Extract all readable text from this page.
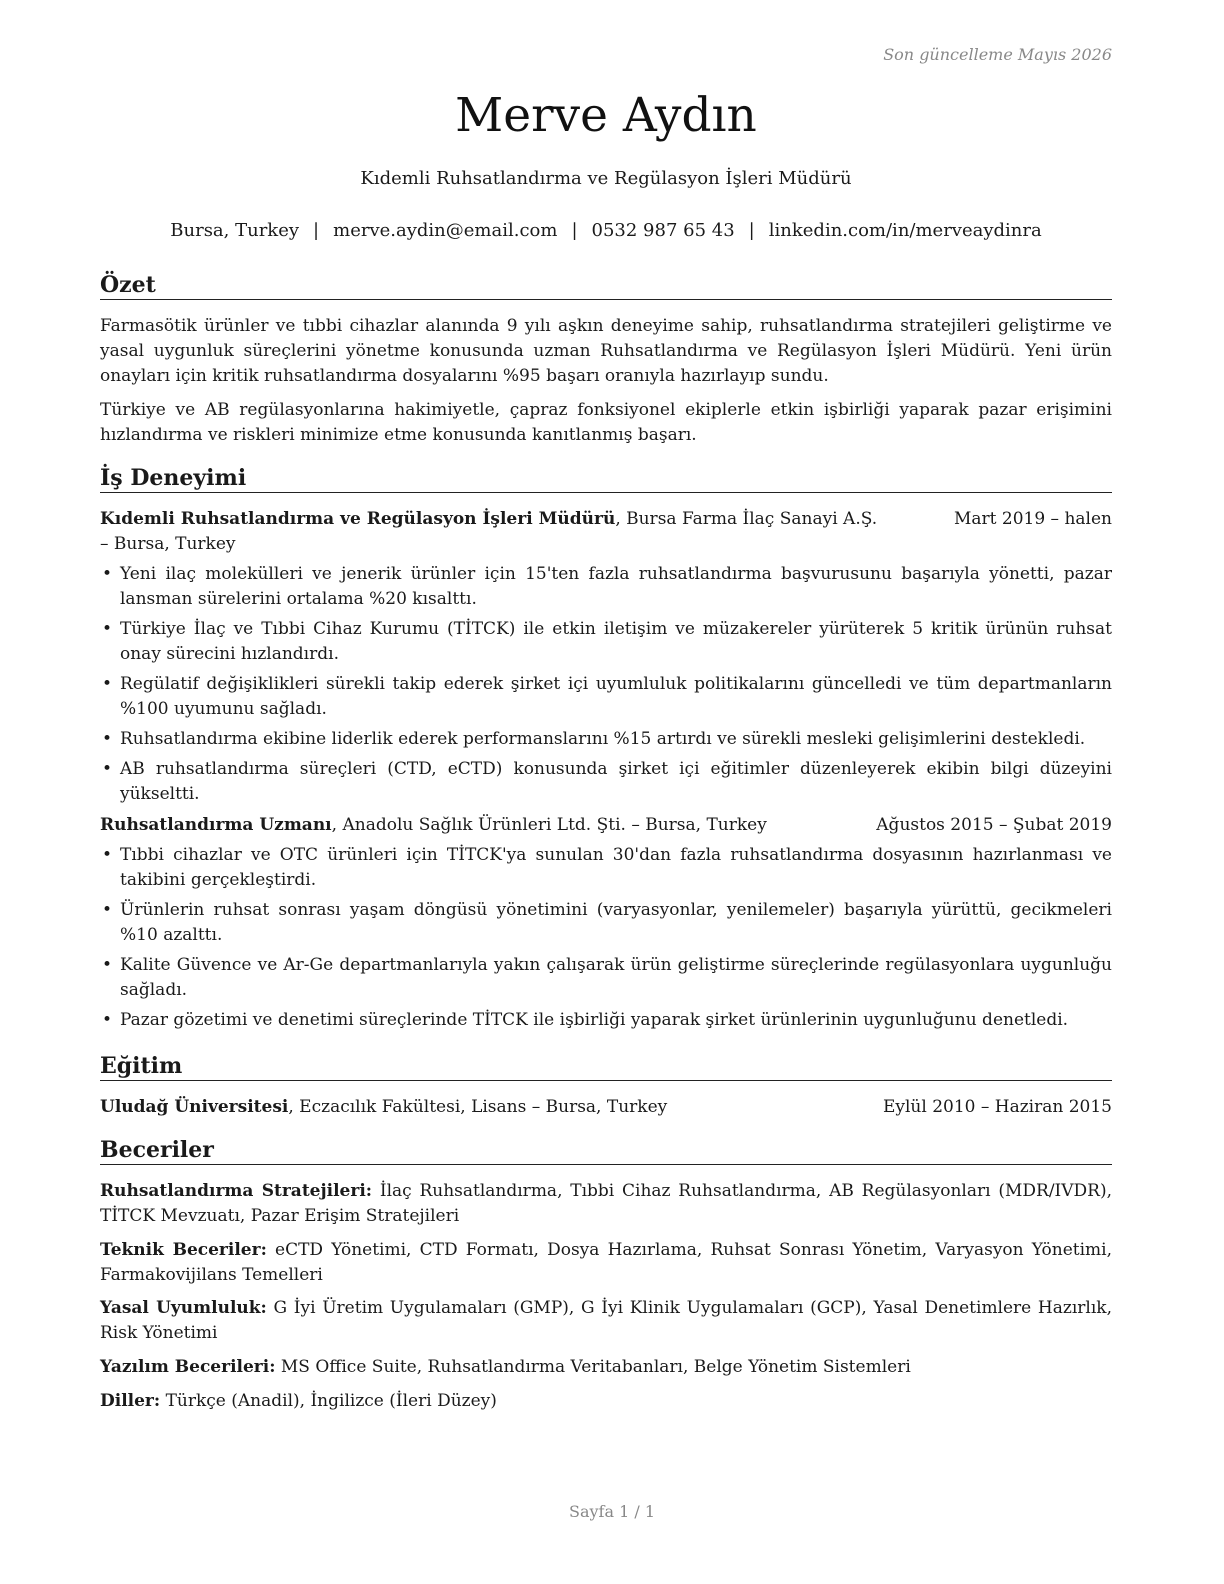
Son güncelleme Mayıs 2026
Merve Aydın
Kıdemli Ruhsatlandırma ve Regülasyon İşleri Müdürü
Bursa, Turkey | merve.aydin@email.com | 0532 987 65 43 | linkedin.com/in/merveaydinra
Özet
Farmasötik ürünler ve tıbbi cihazlar alanında 9 yılı aşkın deneyime sahip, ruhsatlandırma stratejileri geliştirme ve yasal uygunluk süreçlerini yönetme konusunda uzman Ruhsatlandırma ve Regülasyon İşleri Müdürü. Yeni ürün onayları için kritik ruhsatlandırma dosyalarını %95 başarı oranıyla hazırlayıp sundu.
Türkiye ve AB regülasyonlarına hakimiyetle, çapraz fonksiyonel ekiplerle etkin işbirliği yaparak pazar erişimini hızlandırma ve riskleri minimize etme konusunda kanıtlanmış başarı.
İş Deneyimi
Kıdemli Ruhsatlandırma ve Regülasyon İşleri Müdürü, Bursa Farma İlaç Sanayi A.Ş. – Bursa, Turkey
Mart 2019 – halen
• Yeni ilaç molekülleri ve jenerik ürünler için 15'ten fazla ruhsatlandırma başvurusunu başarıyla yönetti, pazar lansman sürelerini ortalama %20 kısalttı.
• Türkiye İlaç ve Tıbbi Cihaz Kurumu (TİTCK) ile etkin iletişim ve müzakereler yürüterek 5 kritik ürünün ruhsat onay sürecini hızlandırdı.
• Regülatif değişiklikleri sürekli takip ederek şirket içi uyumluluk politikalarını güncelledi ve tüm departmanların %100 uyumunu sağladı.
• Ruhsatlandırma ekibine liderlik ederek performanslarını %15 artırdı ve sürekli mesleki gelişimlerini destekledi.
• AB ruhsatlandırma süreçleri (CTD, eCTD) konusunda şirket içi eğitimler düzenleyerek ekibin bilgi düzeyini yükseltti.
Ruhsatlandırma Uzmanı, Anadolu Sağlık Ürünleri Ltd. Şti. – Bursa, Turkey	Ağustos 2015 – Şubat 2019
• Tıbbi cihazlar ve OTC ürünleri için TİTCK'ya sunulan 30'dan fazla ruhsatlandırma dosyasının hazırlanması ve takibini gerçekleştirdi.
• Ürünlerin ruhsat sonrası yaşam döngüsü yönetimini (varyasyonlar, yenilemeler) başarıyla yürüttü, gecikmeleri %10 azalttı.
• Kalite Güvence ve Ar-Ge departmanlarıyla yakın çalışarak ürün geliştirme süreçlerinde regülasyonlara uygunluğu sağladı.
• Pazar gözetimi ve denetimi süreçlerinde TİTCK ile işbirliği yaparak şirket ürünlerinin uygunluğunu denetledi.
Eğitim
Uludağ Üniversitesi, Eczacılık Fakültesi, Lisans – Bursa, Turkey	Eylül 2010 – Haziran 2015
Beceriler
Ruhsatlandırma Stratejileri: İlaç Ruhsatlandırma, Tıbbi Cihaz Ruhsatlandırma, AB Regülasyonları (MDR/IVDR), TİTCK Mevzuatı, Pazar Erişim Stratejileri
Teknik Beceriler: eCTD Yönetimi, CTD Formatı, Dosya Hazırlama, Ruhsat Sonrası Yönetim, Varyasyon Yönetimi, Farmakovijilans Temelleri
Yasal Uyumluluk: G İyi Üretim Uygulamaları (GMP), G İyi Klinik Uygulamaları (GCP), Yasal Denetimlere Hazırlık, Risk Yönetimi
Yazılım Becerileri: MS Office Suite, Ruhsatlandırma Veritabanları, Belge Yönetim Sistemleri
Diller: Türkçe (Anadil), İngilizce (İleri Düzey)
Sayfa 1 / 1
